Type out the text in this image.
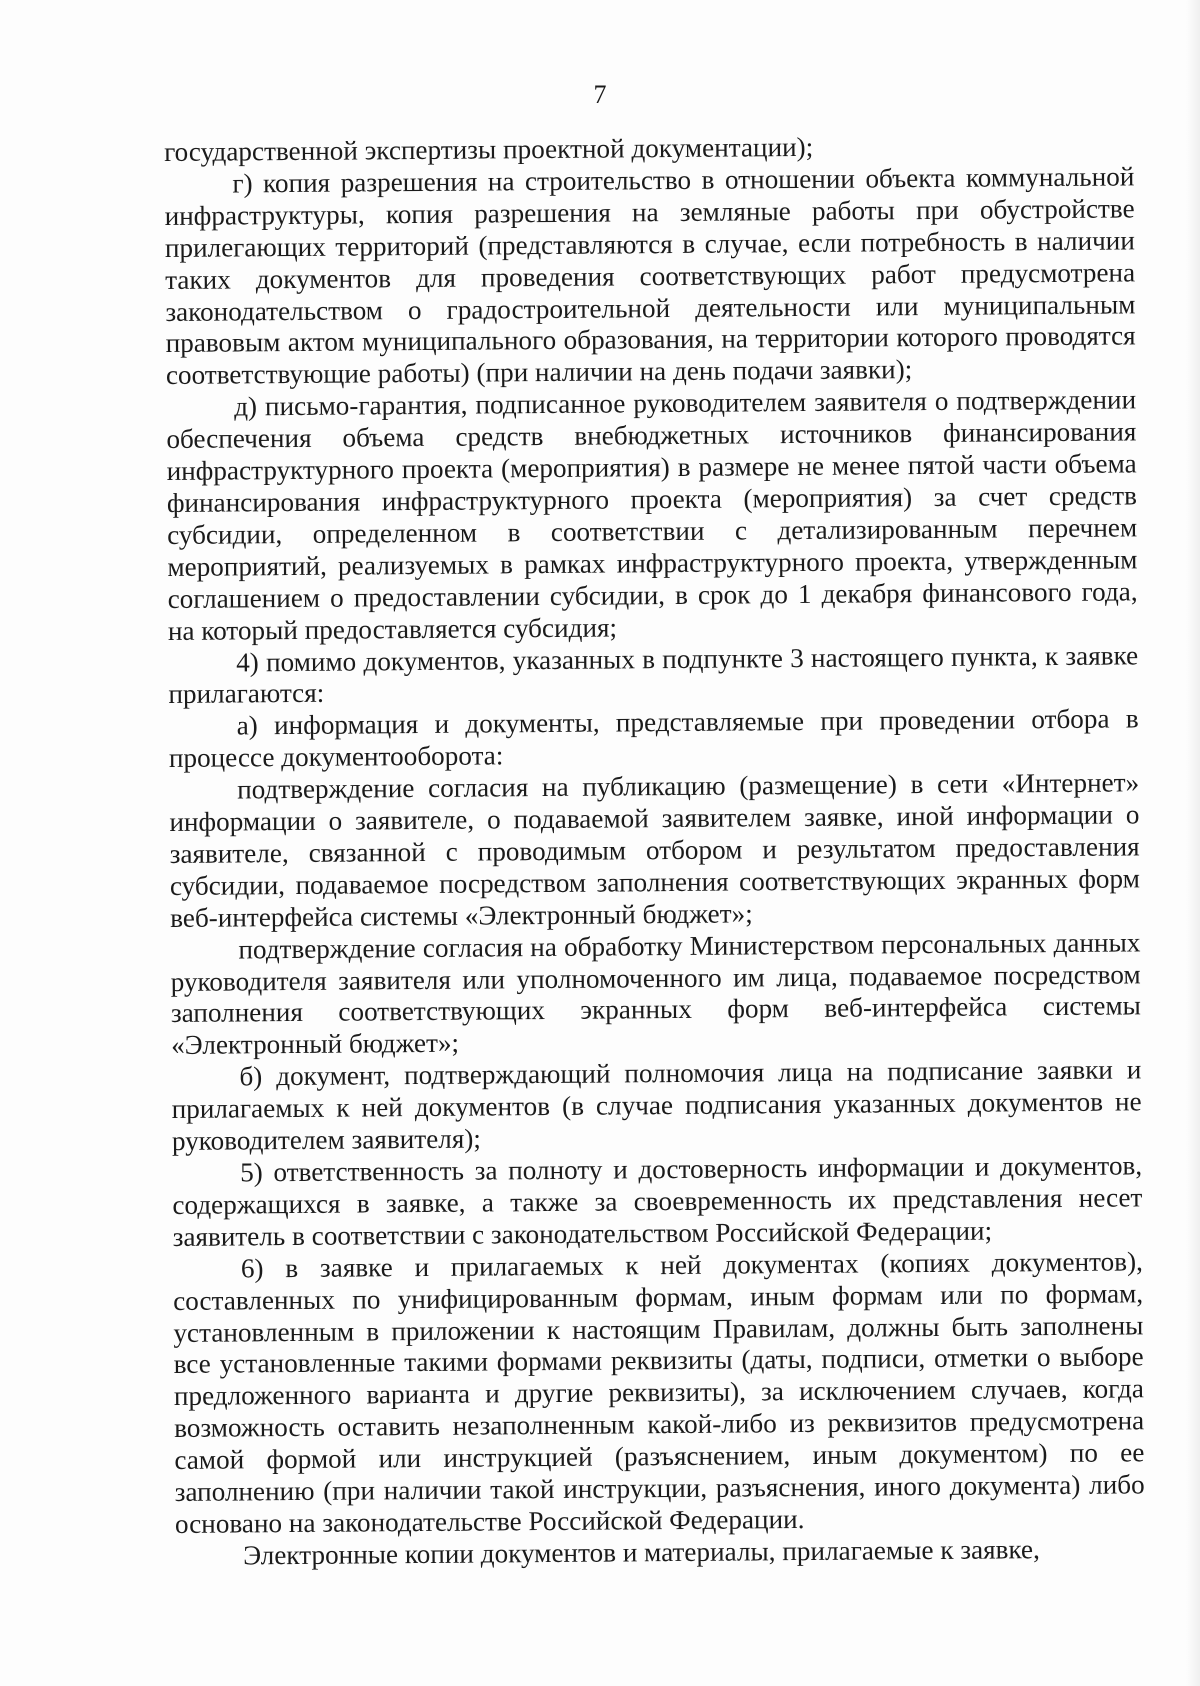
7

государственной экспертизы проектной документации);

г) копия разрешения на строительство в отношении объекта коммунальной инфраструктуры, копия разрешения на земляные работы при обустройстве прилегающих территорий (представляются в случае, если потребность в наличии таких документов для проведения соответствующих работ предусмотрена законодательством о градостроительной деятельности или муниципальным правовым актом муниципального образования, на территории которого проводятся соответствующие работы) (при наличии на день подачи заявки);

д) письмо-гарантия, подписанное руководителем заявителя о подтверждении обеспечения объема средств внебюджетных источников финансирования инфраструктурного проекта (мероприятия) в размере не менее пятой части объема финансирования инфраструктурного проекта (мероприятия) за счет средств субсидии, определенном в соответствии с детализированным перечнем мероприятий, реализуемых в рамках инфраструктурного проекта, утвержденным соглашением о предоставлении субсидии, в срок до 1 декабря финансового года, на который предоставляется субсидия;

4) помимо документов, указанных в подпункте 3 настоящего пункта, к заявке прилагаются:

а) информация и документы, представляемые при проведении отбора в процессе документооборота:

подтверждение согласия на публикацию (размещение) в сети «Интернет» информации о заявителе, о подаваемой заявителем заявке, иной информации о заявителе, связанной с проводимым отбором и результатом предоставления субсидии, подаваемое посредством заполнения соответствующих экранных форм веб-интерфейса системы «Электронный бюджет»;

подтверждение согласия на обработку Министерством персональных данных руководителя заявителя или уполномоченного им лица, подаваемое посредством заполнения соответствующих экранных форм веб-интерфейса системы «Электронный бюджет»;

б) документ, подтверждающий полномочия лица на подписание заявки и прилагаемых к ней документов (в случае подписания указанных документов не руководителем заявителя);

5) ответственность за полноту и достоверность информации и документов, содержащихся в заявке, а также за своевременность их представления несет заявитель в соответствии с законодательством Российской Федерации;

6) в заявке и прилагаемых к ней документах (копиях документов), составленных по унифицированным формам, иным формам или по формам, установленным в приложении к настоящим Правилам, должны быть заполнены все установленные такими формами реквизиты (даты, подписи, отметки о выборе предложенного варианта и другие реквизиты), за исключением случаев, когда возможность оставить незаполненным какой-либо из реквизитов предусмотрена самой формой или инструкцией (разъяснением, иным документом) по ее заполнению (при наличии такой инструкции, разъяснения, иного документа) либо основано на законодательстве Российской Федерации.

Электронные копии документов и материалы, прилагаемые к заявке,
